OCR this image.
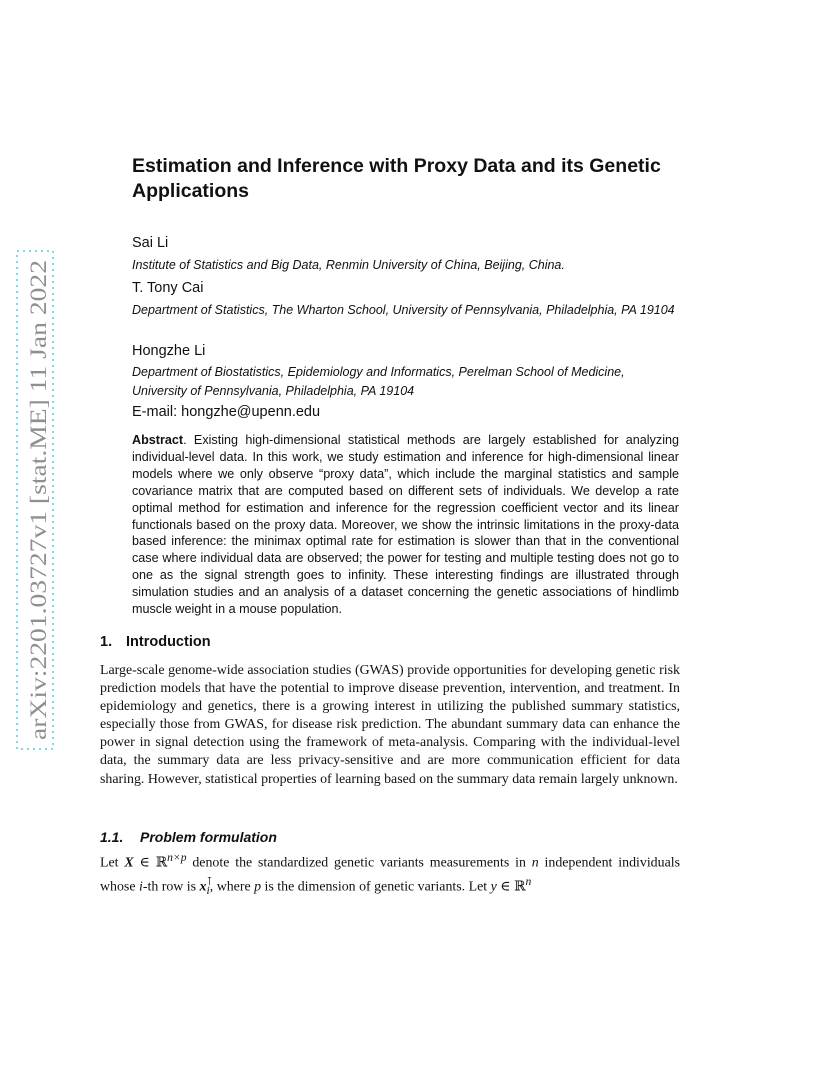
arXiv:2201.03727v1 [stat.ME] 11 Jan 2022
Estimation and Inference with Proxy Data and its Genetic Applications

Sai Li

Institute of Statistics and Big Data, Renmin University of China, Beijing, China.

T. Tony Cai

Department of Statistics, The Wharton School, University of Pennsylvania, Philadelphia, PA 19104

Hongzhe Li

Department of Biostatistics, Epidemiology and Informatics, Perelman School of Medicine, University of Pennsylvania, Philadelphia, PA 19104

E-mail: hongzhe@upenn.edu

Abstract. Existing high-dimensional statistical methods are largely established for analyzing individual-level data. In this work, we study estimation and inference for high-dimensional linear models where we only observe “proxy data”, which include the marginal statistics and sample covariance matrix that are computed based on different sets of individuals. We develop a rate optimal method for estimation and inference for the regression coefficient vector and its linear functionals based on the proxy data. Moreover, we show the intrinsic limitations in the proxy-data based inference: the minimax optimal rate for estimation is slower than that in the conventional case where individual data are observed; the power for testing and multiple testing does not go to one as the signal strength goes to infinity. These interesting findings are illustrated through simulation studies and an analysis of a dataset concerning the genetic associations of hindlimb muscle weight in a mouse population.

1. Introduction

Large-scale genome-wide association studies (GWAS) provide opportunities for developing genetic risk prediction models that have the potential to improve disease prevention, intervention, and treatment. In epidemiology and genetics, there is a growing interest in utilizing the published summary statistics, especially those from GWAS, for disease risk prediction. The abundant summary data can enhance the power in signal detection using the framework of meta-analysis. Comparing with the individual-level data, the summary data are less privacy-sensitive and are more communication efficient for data sharing. However, statistical properties of learning based on the summary data remain largely unknown.

1.1. Problem formulation

Let X ∈ ℝ$^{n\times p}$ denote the standardized genetic variants measurements in n independent individuals whose i-th row is $x^⊺_i$, where p is the dimension of genetic variants. Let y ∈ ℝ$^n$
